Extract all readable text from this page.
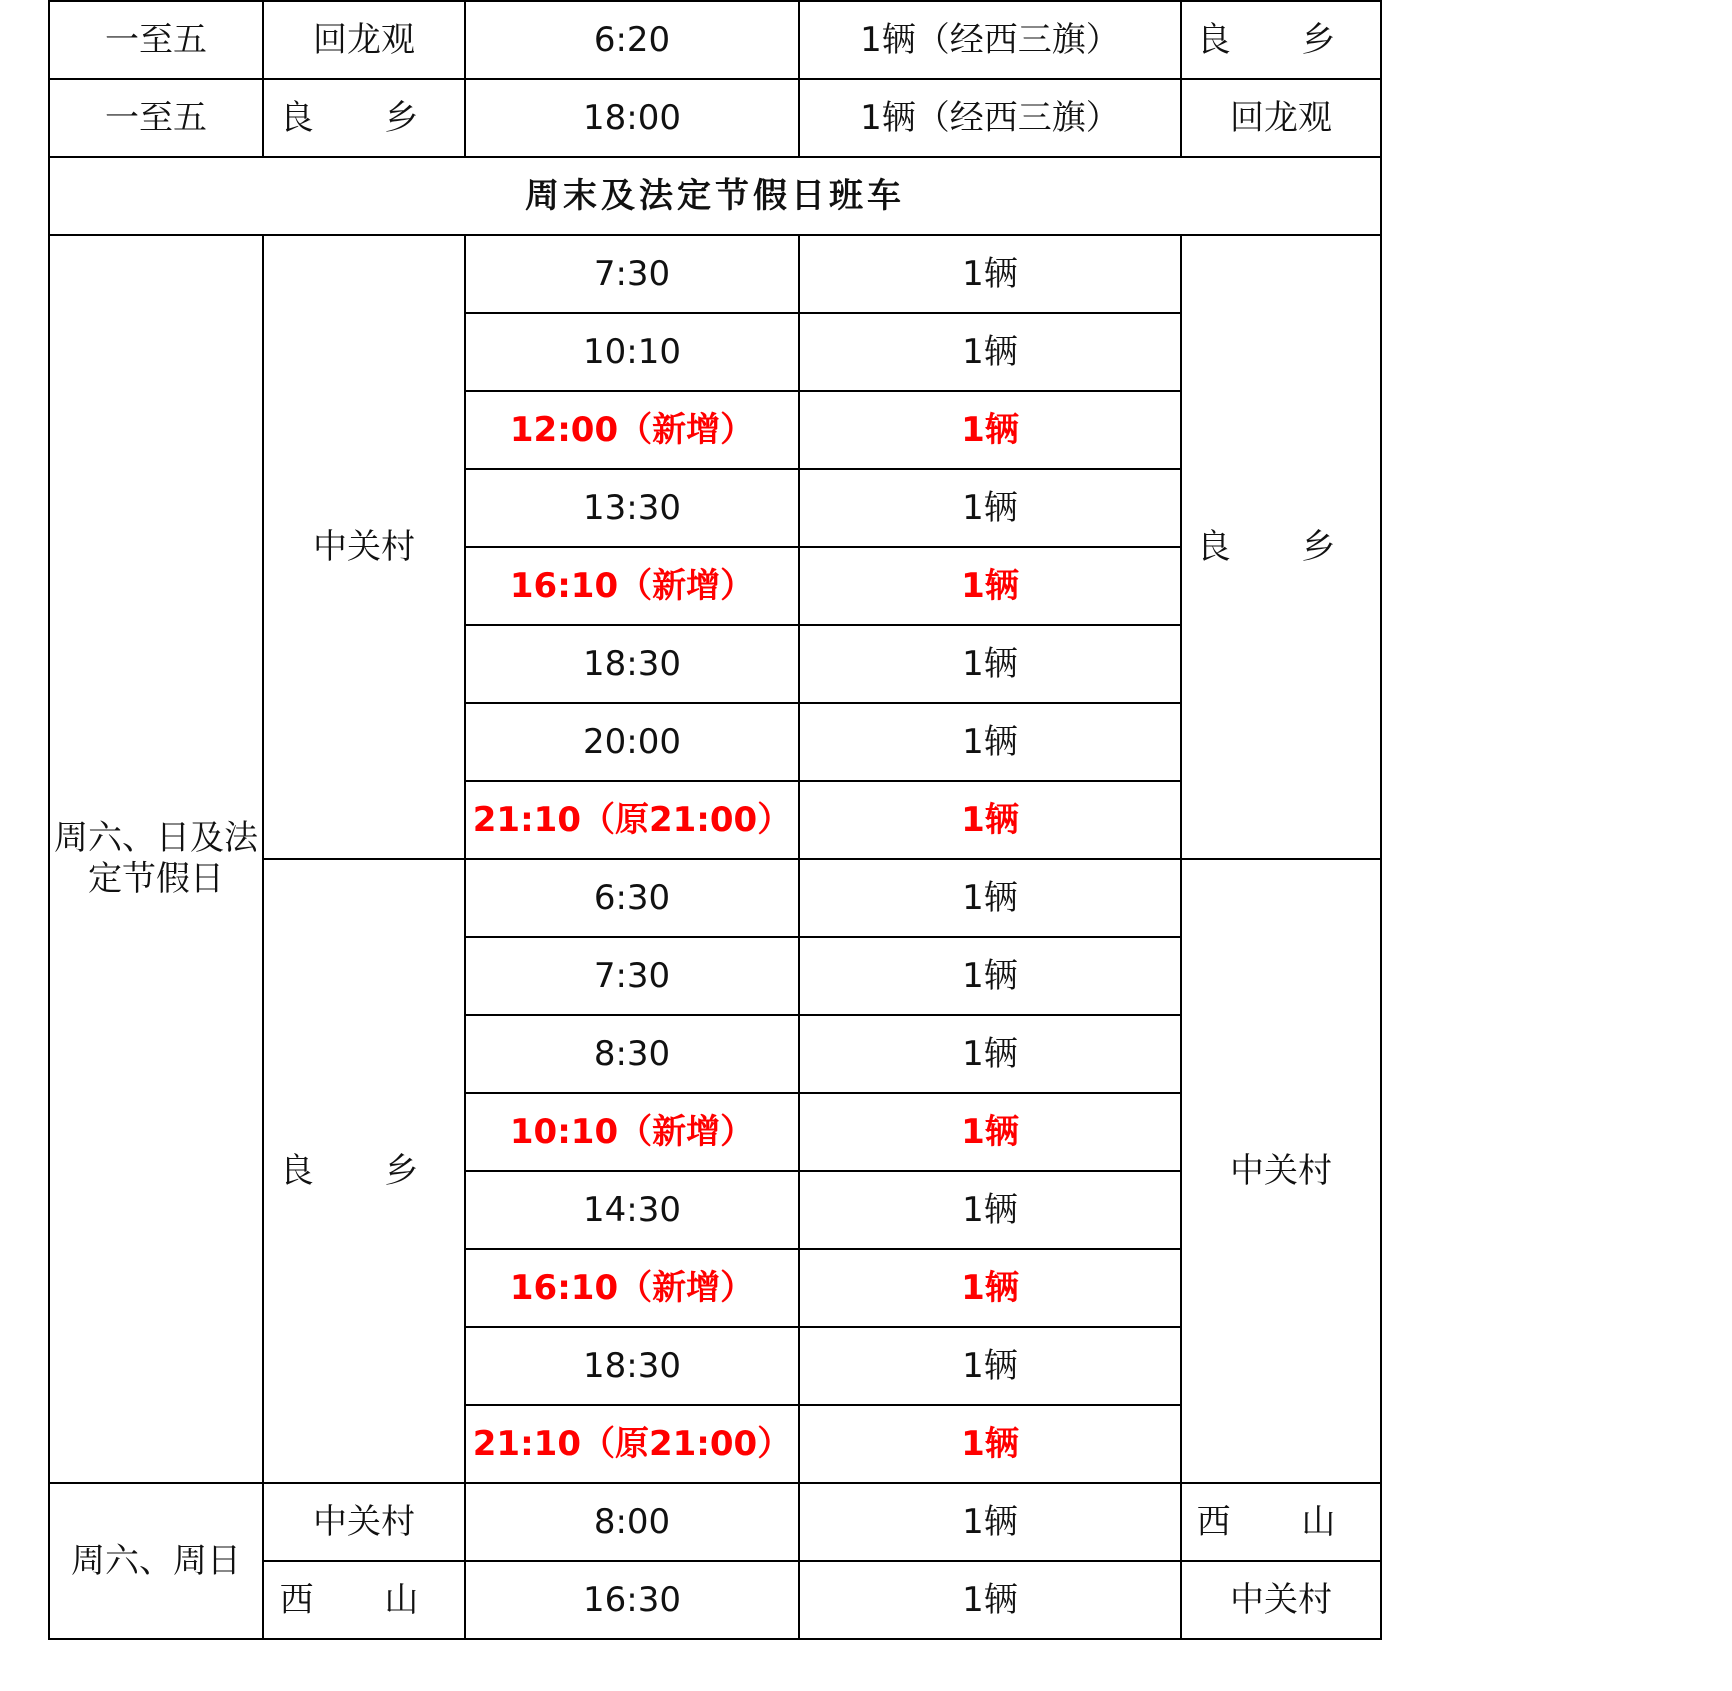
一至五	回龙观	6:20	1辆（经西三旗）	良 乡
一至五	良 乡	18:00	1辆（经西三旗）	回龙观
周末及法定节假日班车				
周六、日及法定节假日	中关村	7:30	1辆	良 乡
		10:10	1辆	
		12:00（新增）	1辆	
		13:30	1辆	
		16:10（新增）	1辆	
		18:30	1辆	
		20:00	1辆	
		21:10（原21:00）	1辆	
	良 乡	6:30	1辆	中关村
		7:30	1辆	
		8:30	1辆	
		10:10（新增）	1辆	
		14:30	1辆	
		16:10（新增）	1辆	
		18:30	1辆	
		21:10（原21:00）	1辆	
周六、周日	中关村	8:00	1辆	西 山
	西 山	16:30	1辆	中关村
